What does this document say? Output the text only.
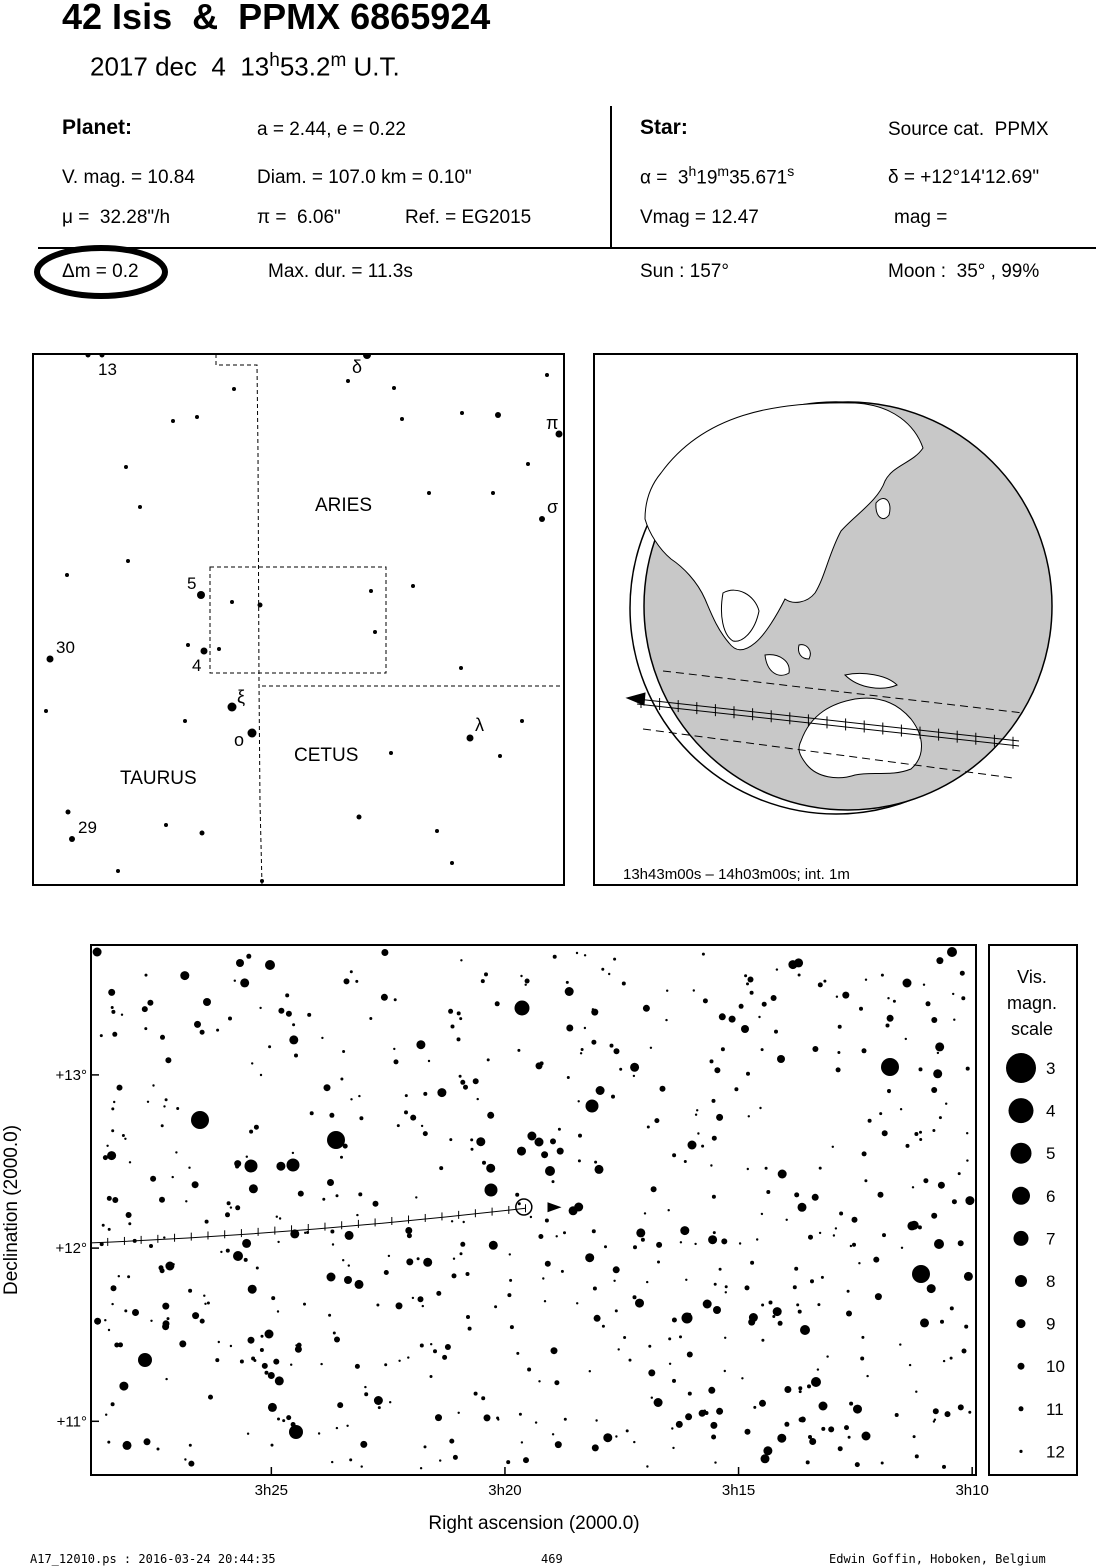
42 Isis  &  PPMX 6865924
2017 dec  4  13$^h$53.2$^m$ U.T.
Planet:	a = 2.44, e = 0.22
V. mag. = 10.84	Diam. = 107.0 km = 0.10"
μ =  32.28"/h	π =  6.06"	Ref. = EG2015
Star:	Source cat.  PPMX
α =  3$^h$19$^m$35.671$^s$	δ = +12°14'12.69"
Vmag = 12.47	mag =
Δm = 0.2	Max. dur. = 11.3s	Sun : 157°	Moon :  35° , 99%
ARIES
CETUS
TAURUS
13	δ
π
σ
5
4
30
ξ
o
λ
29
13h43m00s – 14h03m00s; int. 1m
3h25	3h20	3h15	3h10
+13°
+12°
+11°
Right ascension (2000.0)
Declination (2000.0)
Vis.
magn.
scale
3
4
5
6
7
8
9
10
11
12
A17_12010.ps : 2016-03-24 20:44:35	469	Edwin Goffin, Hoboken, Belgium
